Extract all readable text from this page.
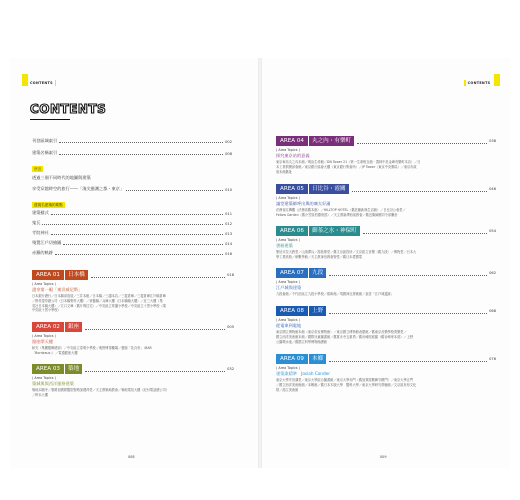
CONTENTS
CONTENTS
刊登區域索引	002
建築名稱索引	008
序言
透過三個不同時代的地圖與建築
享受穿越時空的旅行——「淺尖風潮之都・東京」	010
透視名建築的要點
建築樣式	011
鬼瓦	012
寺院神社	013
殘置江戶切繪圖	014
赤羅的軌跡	016
AREA 01	日本橋	018
( Area Topics )
盡享第一眼「東洋威尼斯」
日本銀行總行／日本橋高島屋／三井本館／日本橋／三越本店／三菱倉庫／三菱倉庫江戶橋倉庫
／野村證券總公司（日本橋野村大樓）／常盤橋／兵庫大樓（日本橋鷗大樓）／近三大樓（集
英社日本橋大樓）／江口文庫（舊片岡住宅）／中央區立常盤小學校／中央區立十思小學校（現
中央區十思小學校）
AREA 02	銀座	005
( Area Topics )
銀座摩天樓
和光（集團服飾總部）／中央區立泰明小學校／奧野博得藥場／畫廊「花卉舍」（BAR
「Bordeaux」）／電通銀座大樓
AREA 03	築地	032
( Area Topics )
築城與與西洋風格建築
築地本願寺／聖路加國際醫院聖路加禮拜堂／天主教築地教會／築地電信大樓（紀付電話總公司）
／軒本大樓
008
CONTENTS
AREA 04	丸之內・有樂町	038
( Area Topics )
探究東京站的意義
東京車站丸之內本館／明治生命館／DN Tower 21（第一生命相互館・農林中央金庫有樂町本店）／日
本工業俱樂部會館／東京銀行協會大樓（東京銀行集會所）／JP Tower（東京中央郵局）／東京市政
府本館舊址
AREA 05	日比谷・霞關	046
( Area Topics )
議堂建築師呼出與的廣太好滿
法務省紅磚樓（法務省舊本館）／HILLTOP HOTEL（舊佐藤新與生活館）／日比谷公會堂／
Fellow Garden（舊小笠原伯爵府邸）／天主教新澤西前教會／舊近衛師團司令部廳舍
AREA 06	御茶之水・神保町	054
( Area Topics )
書冊建築
聖尼可拉大教堂／山頂澤兵／湯島聖堂／舊文京區役所／文京區立音樂（舊九段）／博物堂／日本大
學工業高校／研數學館／天主教神田教會聖堂／舊日本愛國電
AREA 07	九段	062
( Area Topics )
江戶城與建築
九段會館／千代田區立九段小學校／昭和館／靖國神社遊就館／皇居「江戶城遺跡」
AREA 08	上野	068
( Area Topics )
從電車到電地
東京國立博物館本館（東京帝室博物館）／東京國立博物館表慶館／舊東京音樂學校奏樂堂／
國立西洋美術館本館／國際兒童圖書館／舊寬永寺五重塔／舊岩崎邸庭園（舊岩崎家本邸）／上野
公園噴水池／舊國立科學博物館總館
AREA 09	本鄉	076
( Area Topics )
建築業精準　Josiah Conder
東京大學安田講堂／東京大學綜合圖書館／東京大學赤門（舊加賀屋敷御守殿門）／東京大學正門
／國立西洋美術館館／本鄉館／舊日本木版大學　醫科大學／東京大學研究實驗館／文京區有形文化
財／湯立美術館
009
